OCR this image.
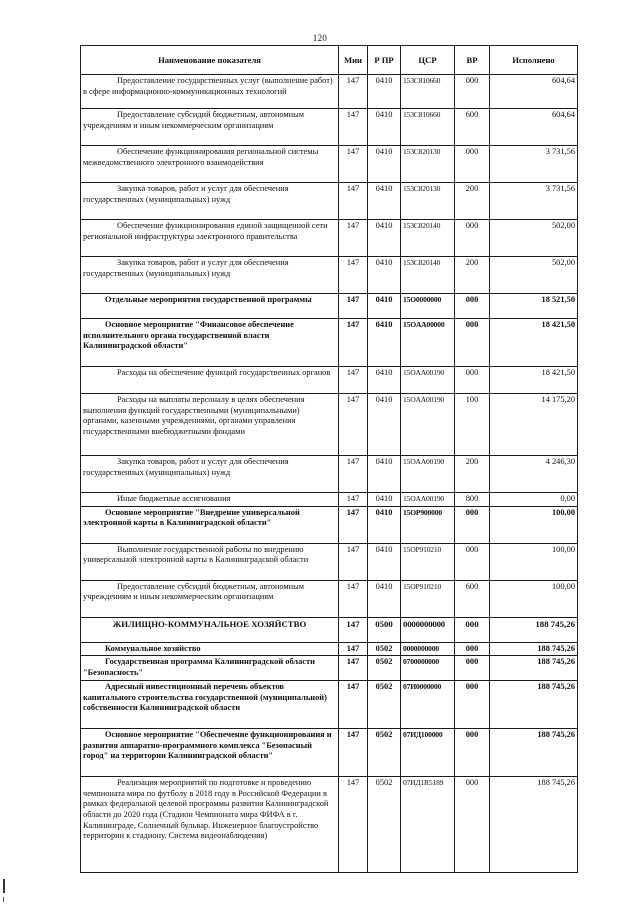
120
Наименование показателя	Мин	Р ПР	ЦСР	ВР	Исполнено
Предоставление государственных услуг (выполнение работ) в сфере информационно-коммуникационных технологий	147	0410	153C810660	000	604,64
Предоставление субсидий бюджетным, автономным учреждениям и иным некоммерческим организациям	147	0410	153C810660	600	604,64
Обеспечение функционирования региональной системы межведомственного электронного взаимодействия	147	0410	153C820130	000	3 731,56
Закупка товаров, работ и услуг для обеспечения государственных (муниципальных) нужд	147	0410	153C820130	200	3 731,56
Обеспечение функционирования единой защищенной сети региональной инфраструктуры электронного правительства	147	0410	153C820140	000	502,00
Закупка товаров, работ и услуг для обеспечения государственных (муниципальных) нужд	147	0410	153C820140	200	502,00
Отдельные мероприятия государственной программы	147	0410	15O0000000	000	18 521,50
Основное мероприятие "Финансовое обеспечение исполнительного органа государственной власти Калининградской области"	147	0410	15OAA00000	000	18 421,50
Расходы на обеспечение функций государственных органов	147	0410	15OAA00190	000	18 421,50
Расходы на выплаты персоналу в целях обеспечения выполнения функций государственными (муниципальными) органами, казенными учреждениями, органами управления государственными внебюджетными фондами	147	0410	15OAA00190	100	14 175,20
Закупка товаров, работ и услуг для обеспечения государственных (муниципальных) нужд	147	0410	15OAA00190	200	4 246,30
Иные бюджетные ассигнования	147	0410	15OAA00190	800	0,00
Основное мероприятие "Внедрение универсальной электронной карты в Калининградской области"	147	0410	15OP900000	000	100,00
Выполнение государственной работы по внедрению универсальной электронной карты в Калининградской области	147	0410	15OP910210	000	100,00
Предоставление субсидий бюджетным, автономным учреждениям и иным некоммерческим организациям	147	0410	15OP910210	600	100,00
ЖИЛИЩНО-КОММУНАЛЬНОЕ ХОЗЯЙСТВО	147	0500	0000000000	000	188 745,26
Коммунальное хозяйство	147	0502	0000000000	000	188 745,26
Государственная программа Калининградской области "Безопасность"	147	0502	0700000000	000	188 745,26
Адресный инвестиционный перечень объектов капитального строительства государственной (муниципальной) собственности Калининградской области	147	0502	07И0000000	000	188 745,26
Основное мероприятие "Обеспечение функционирования и развития аппаратно-программного комплекса "Безопасный город" на территории Калининградской области"	147	0502	07ИД100000	000	188 745,26
Реализация мероприятий по подготовке и проведению чемпионата мира по футболу в 2018 году в Российской Федерации в рамках федеральной целевой программы развития Калининградской области до 2020 года (Стадион Чемпионата мира ФИФА в г. Калининграде, Солнечный бульвар. Инженерное благоустройство территории к стадиону. Система видеонаблюдения)	147	0502	07ИД1R5189	000	188 745,26
